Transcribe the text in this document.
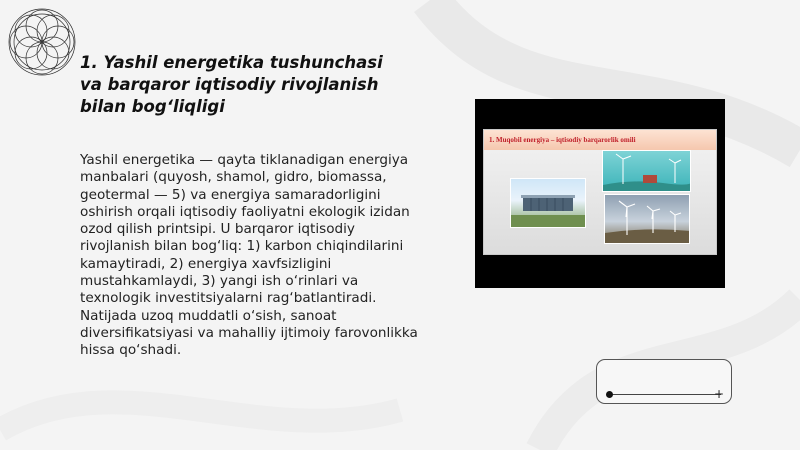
1. Yashil energetika tushunchasi va barqaror iqtisodiy rivojlanish bilan bog‘liqligi

Yashil energetika — qayta tiklanadigan energiya manbalari (quyosh, shamol, gidro, biomassa, geotermal — 5) va energiya samaradorligini oshirish orqali iqtisodiy faoliyatni ekologik izidan ozod qilish printsipi. U barqaror iqtisodiy rivojlanish bilan bog‘liq: 1) karbon chiqindilarini kamaytiradi, 2) energiya xavfsizligini mustahkamlaydi, 3) yangi ish o‘rinlari va texnologik investitsiyalarni rag‘batlantiradi. Natijada uzoq muddatli o‘sish, sanoat diversifikatsiyasi va mahalliy ijtimoiy farovonlikka hissa qo‘shadi.

1. Muqobil energiya – iqtisodiy barqarorlik omili
+
